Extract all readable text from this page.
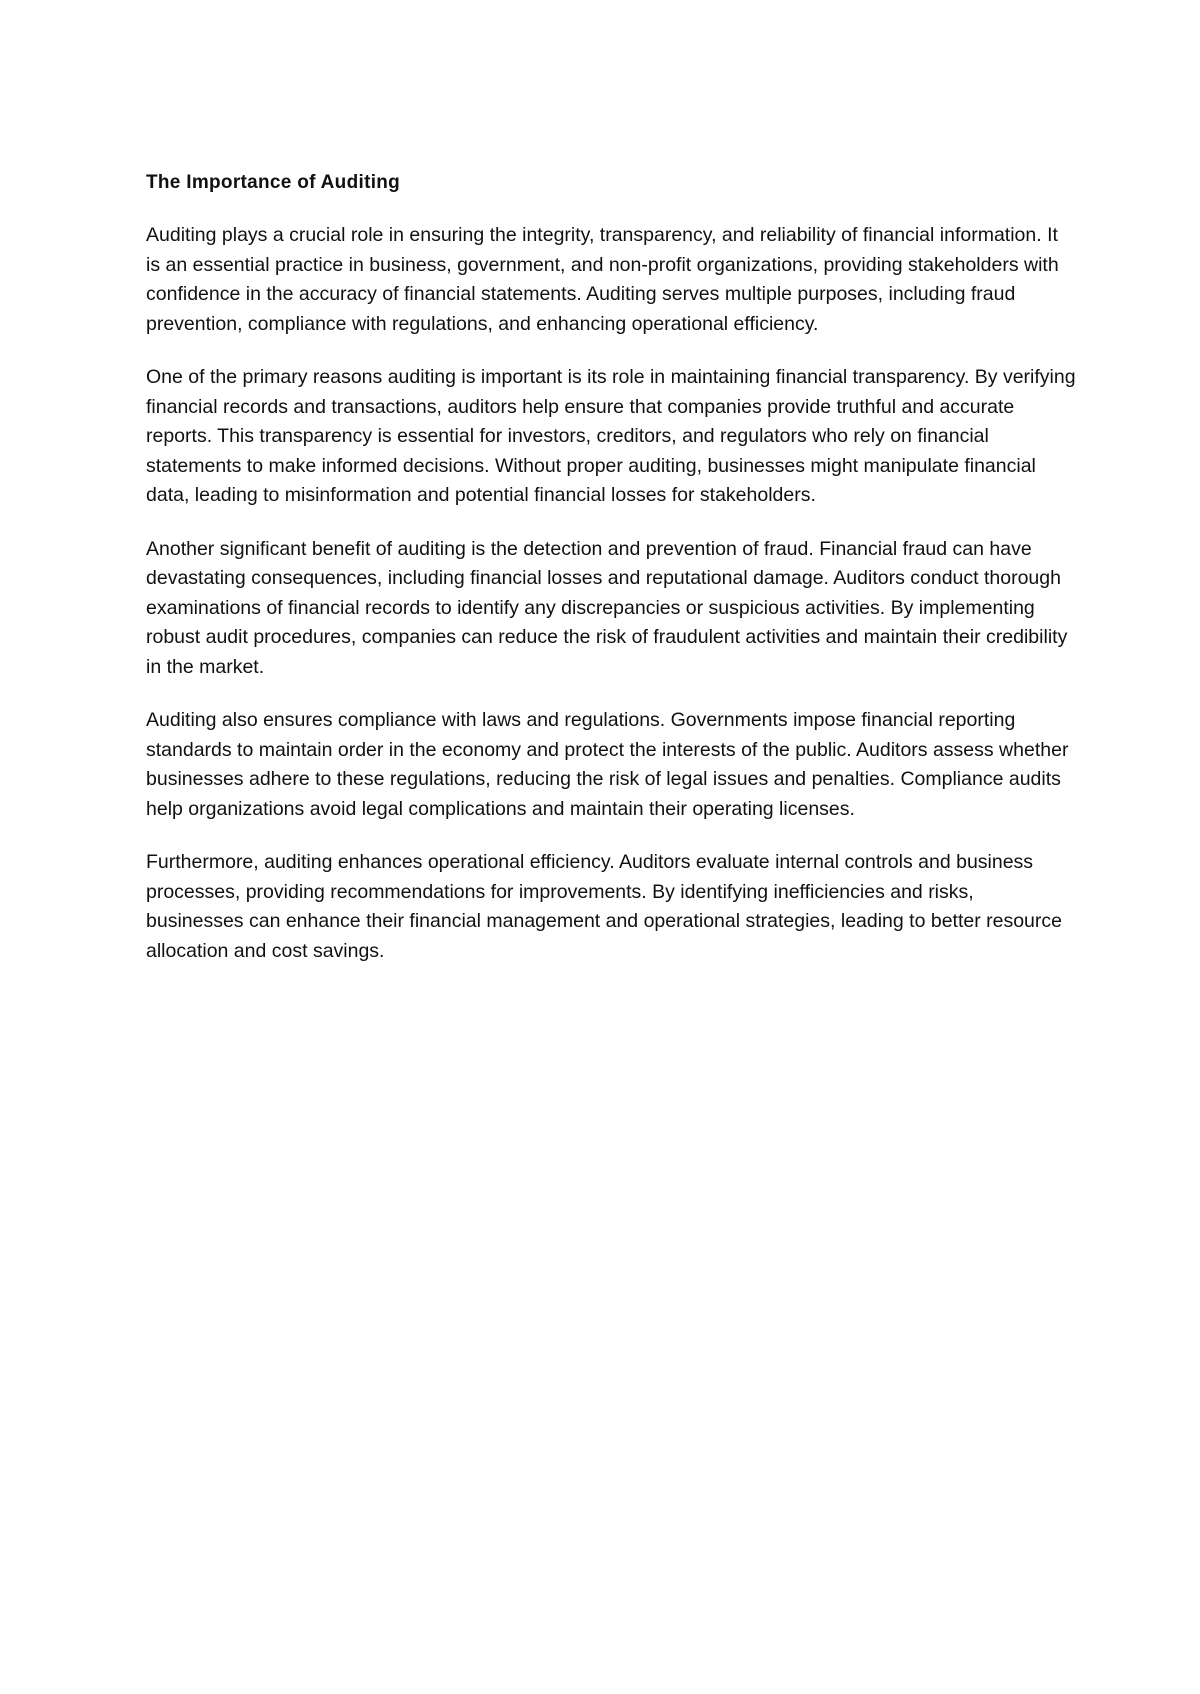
The Importance of Auditing

Auditing plays a crucial role in ensuring the integrity, transparency, and reliability of financial information. It is an essential practice in business, government, and non-profit organizations, providing stakeholders with confidence in the accuracy of financial statements. Auditing serves multiple purposes, including fraud prevention, compliance with regulations, and enhancing operational efficiency.

One of the primary reasons auditing is important is its role in maintaining financial transparency. By verifying financial records and transactions, auditors help ensure that companies provide truthful and accurate reports. This transparency is essential for investors, creditors, and regulators who rely on financial statements to make informed decisions. Without proper auditing, businesses might manipulate financial data, leading to misinformation and potential financial losses for stakeholders.

Another significant benefit of auditing is the detection and prevention of fraud. Financial fraud can have devastating consequences, including financial losses and reputational damage. Auditors conduct thorough examinations of financial records to identify any discrepancies or suspicious activities. By implementing robust audit procedures, companies can reduce the risk of fraudulent activities and maintain their credibility in the market.

Auditing also ensures compliance with laws and regulations. Governments impose financial reporting standards to maintain order in the economy and protect the interests of the public. Auditors assess whether businesses adhere to these regulations, reducing the risk of legal issues and penalties. Compliance audits help organizations avoid legal complications and maintain their operating licenses.

Furthermore, auditing enhances operational efficiency. Auditors evaluate internal controls and business processes, providing recommendations for improvements. By identifying inefficiencies and risks, businesses can enhance their financial management and operational strategies, leading to better resource allocation and cost savings.
